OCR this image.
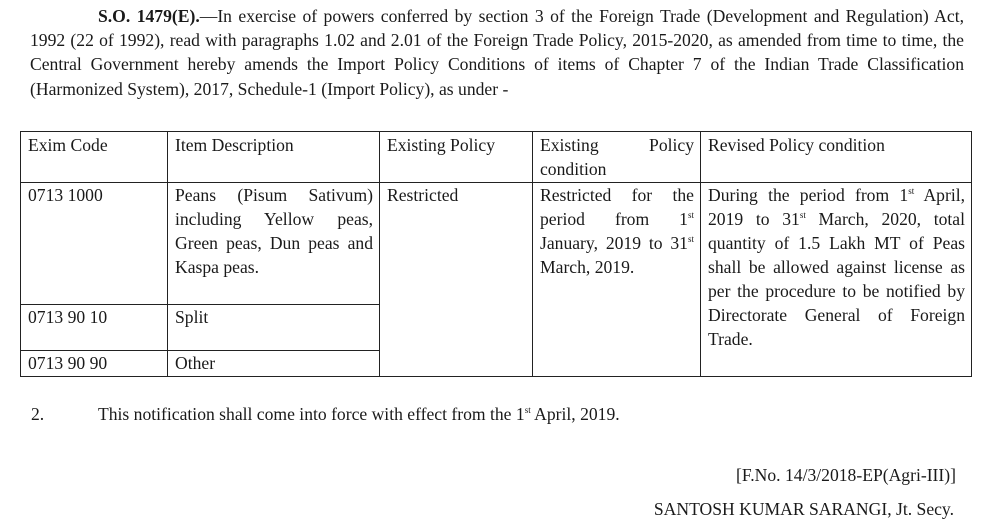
S.O. 1479(E).—In exercise of powers conferred by section 3 of the Foreign Trade (Development and Regulation) Act, 1992 (22 of 1992), read with paragraphs 1.02 and 2.01 of the Foreign Trade Policy, 2015-2020, as amended from time to time, the Central Government hereby amends the Import Policy Conditions of items of Chapter 7 of the Indian Trade Classification (Harmonized System), 2017, Schedule-1 (Import Policy), as under -

Exim Code	Item Description	Existing Policy	Existing Policy condition	Revised Policy condition
0713 1000	Peans (Pisum Sativum) including Yellow peas, Green peas, Dun peas and Kaspa peas.	Restricted	Restricted for the period from 1st January, 2019 to 31st March, 2019.	During the period from 1st April, 2019 to 31st March, 2020, total quantity of 1.5 Lakh MT of Peas shall be allowed against license as per the procedure to be notified by Directorate General of Foreign Trade.
0713 90 10	Split			
0713 90 90	Other			
2.	This notification shall come into force with effect from the 1st April, 2019.
[F.No. 14/3/2018-EP(Agri-III)]
SANTOSH KUMAR SARANGI, Jt. Secy.
